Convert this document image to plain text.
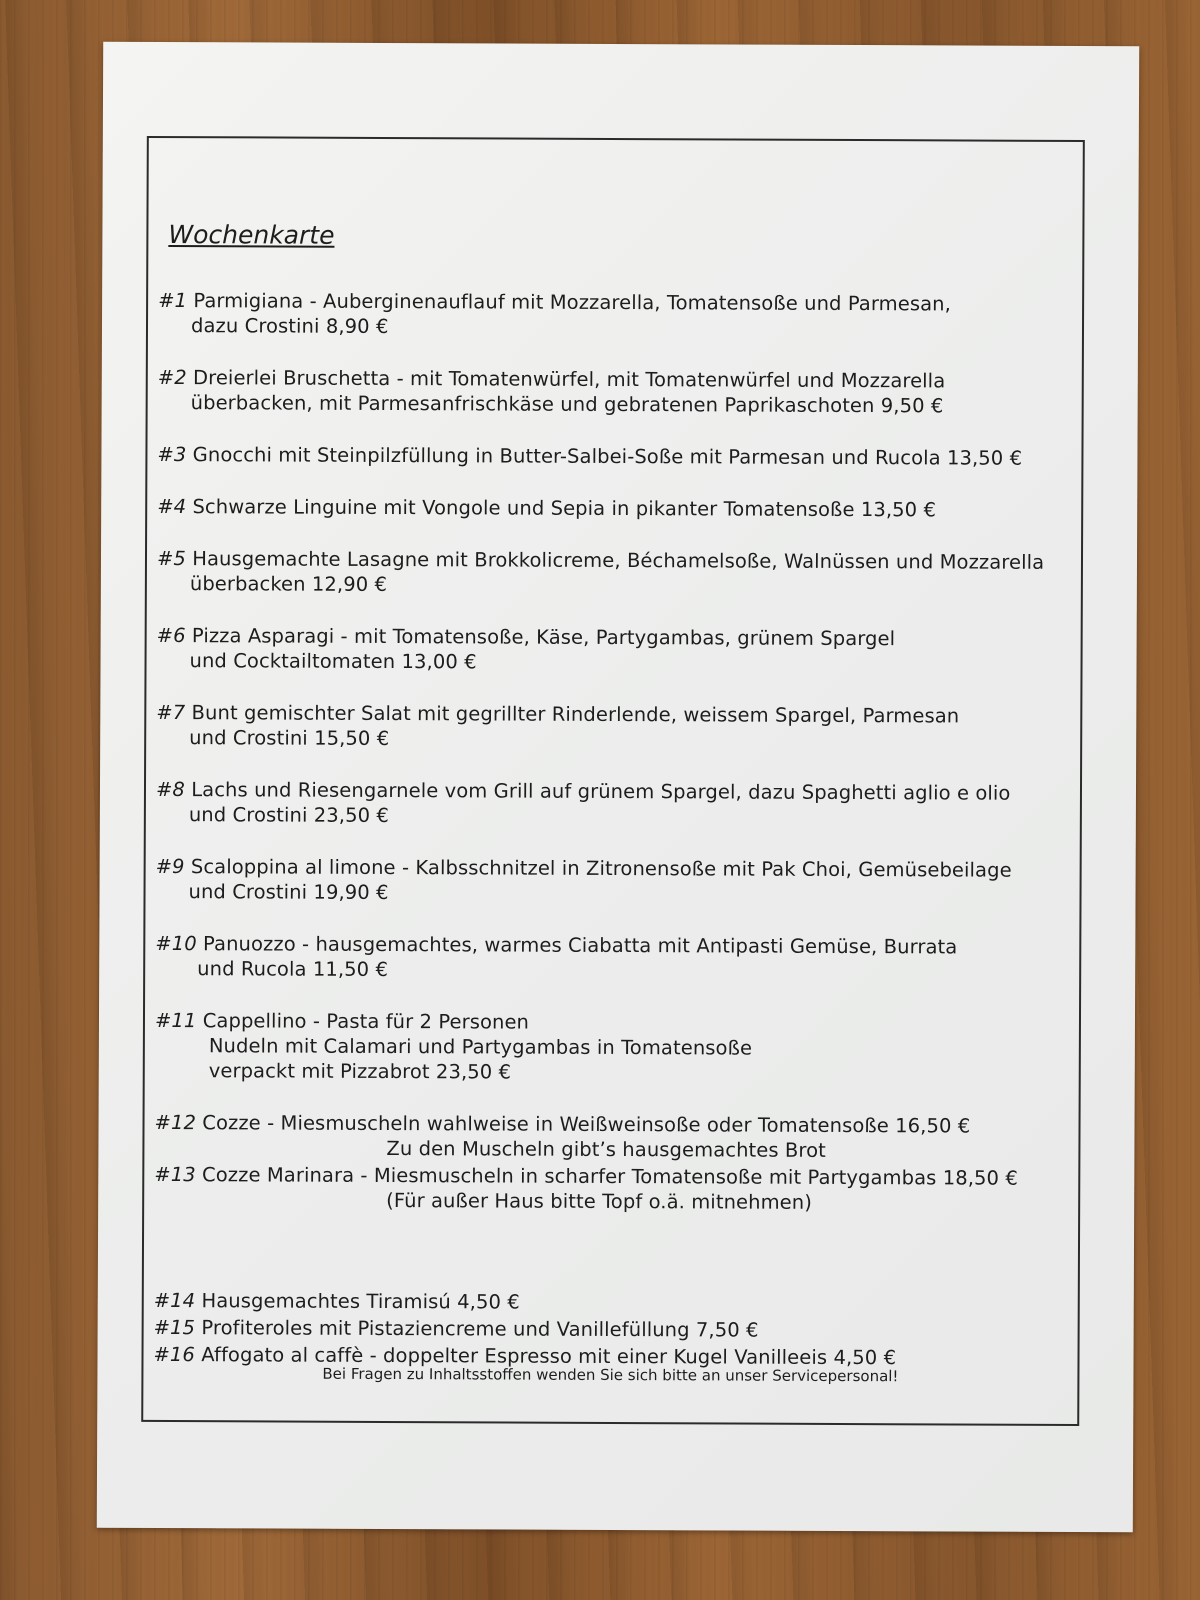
Wochenkarte
#1 Parmigiana - Auberginenauflauf mit Mozzarella, Tomatensoße und Parmesan,
dazu Crostini 8,90 €
#2 Dreierlei Bruschetta - mit Tomatenwürfel, mit Tomatenwürfel und Mozzarella
überbacken, mit Parmesanfrischkäse und gebratenen Paprikaschoten 9,50 €
#3 Gnocchi mit Steinpilzfüllung in Butter-Salbei-Soße mit Parmesan und Rucola 13,50 €
#4 Schwarze Linguine mit Vongole und Sepia in pikanter Tomatensoße 13,50 €
#5 Hausgemachte Lasagne mit Brokkolicreme, Béchamelsoße, Walnüssen und Mozzarella
überbacken 12,90 €
#6 Pizza Asparagi - mit Tomatensoße, Käse, Partygambas, grünem Spargel
und Cocktailtomaten 13,00 €
#7 Bunt gemischter Salat mit gegrillter Rinderlende, weissem Spargel, Parmesan
und Crostini 15,50 €
#8 Lachs und Riesengarnele vom Grill auf grünem Spargel, dazu Spaghetti aglio e olio
und Crostini 23,50 €
#9 Scaloppina al limone - Kalbsschnitzel in Zitronensoße mit Pak Choi, Gemüsebeilage
und Crostini 19,90 €
#10 Panuozzo - hausgemachtes, warmes Ciabatta mit Antipasti Gemüse, Burrata
und Rucola 11,50 €
#11 Cappellino - Pasta für 2 Personen
Nudeln mit Calamari und Partygambas in Tomatensoße
verpackt mit Pizzabrot 23,50 €
#12 Cozze - Miesmuscheln wahlweise in Weißweinsoße oder Tomatensoße 16,50 €
Zu den Muscheln gibt’s hausgemachtes Brot
#13 Cozze Marinara - Miesmuscheln in scharfer Tomatensoße mit Partygambas 18,50 €
(Für außer Haus bitte Topf o.ä. mitnehmen)
#14 Hausgemachtes Tiramisú 4,50 €
#15 Profiteroles mit Pistaziencreme und Vanillefüllung 7,50 €
#16 Affogato al caffè - doppelter Espresso mit einer Kugel Vanilleeis 4,50 €
Bei Fragen zu Inhaltsstoffen wenden Sie sich bitte an unser Servicepersonal!
